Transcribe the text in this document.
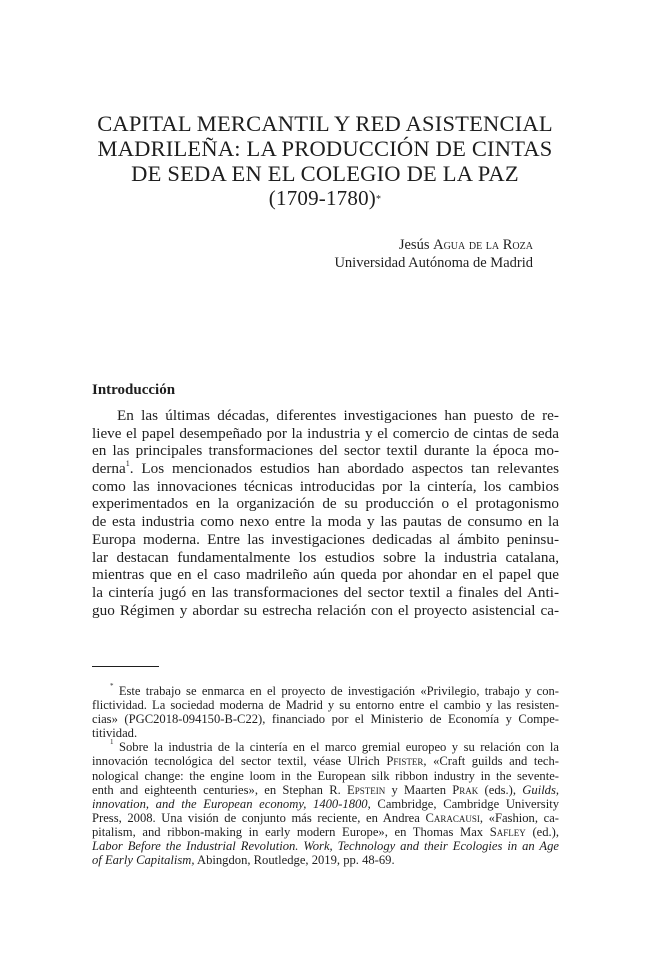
CAPITAL MERCANTIL Y RED ASISTENCIAL
MADRILEÑA: LA PRODUCCIÓN DE CINTAS
DE SEDA EN EL COLEGIO DE LA PAZ
(1709-1780)*
Jesús Agua de la Roza
Universidad Autónoma de Madrid
Introducción
En las últimas décadas, diferentes investigaciones han puesto de re-
lieve el papel desempeñado por la industria y el comercio de cintas de seda
en las principales transformaciones del sector textil durante la época mo-
derna$^1$. Los mencionados estudios han abordado aspectos tan relevantes
como las innovaciones técnicas introducidas por la cintería, los cambios
experimentados en la organización de su producción o el protagonismo
de esta industria como nexo entre la moda y las pautas de consumo en la
Europa moderna. Entre las investigaciones dedicadas al ámbito peninsu-
lar destacan fundamentalmente los estudios sobre la industria catalana,
mientras que en el caso madrileño aún queda por ahondar en el papel que
la cintería jugó en las transformaciones del sector textil a finales del Anti-
guo Régimen y abordar su estrecha relación con el proyecto asistencial ca-
* Este trabajo se enmarca en el proyecto de investigación «Privilegio, trabajo y con-
flictividad. La sociedad moderna de Madrid y su entorno entre el cambio y las resisten-
cias» (PGC2018-094150-B-C22), financiado por el Ministerio de Economía y Compe-
titividad.
$^1$ Sobre la industria de la cintería en el marco gremial europeo y su relación con la
innovación tecnológica del sector textil, véase Ulrich Pfister, «Craft guilds and tech-
nological change: the engine loom in the European silk ribbon industry in the sevente-
enth and eighteenth centuries», en Stephan R. Epstein y Maarten Prak (eds.), Guilds,
innovation, and the European economy, 1400-1800, Cambridge, Cambridge University
Press, 2008. Una visión de conjunto más reciente, en Andrea Caracausi, «Fashion, ca-
pitalism, and ribbon-making in early modern Europe», en Thomas Max Safley (ed.),
Labor Before the Industrial Revolution. Work, Technology and their Ecologies in an Age
of Early Capitalism, Abingdon, Routledge, 2019, pp. 48-69.
